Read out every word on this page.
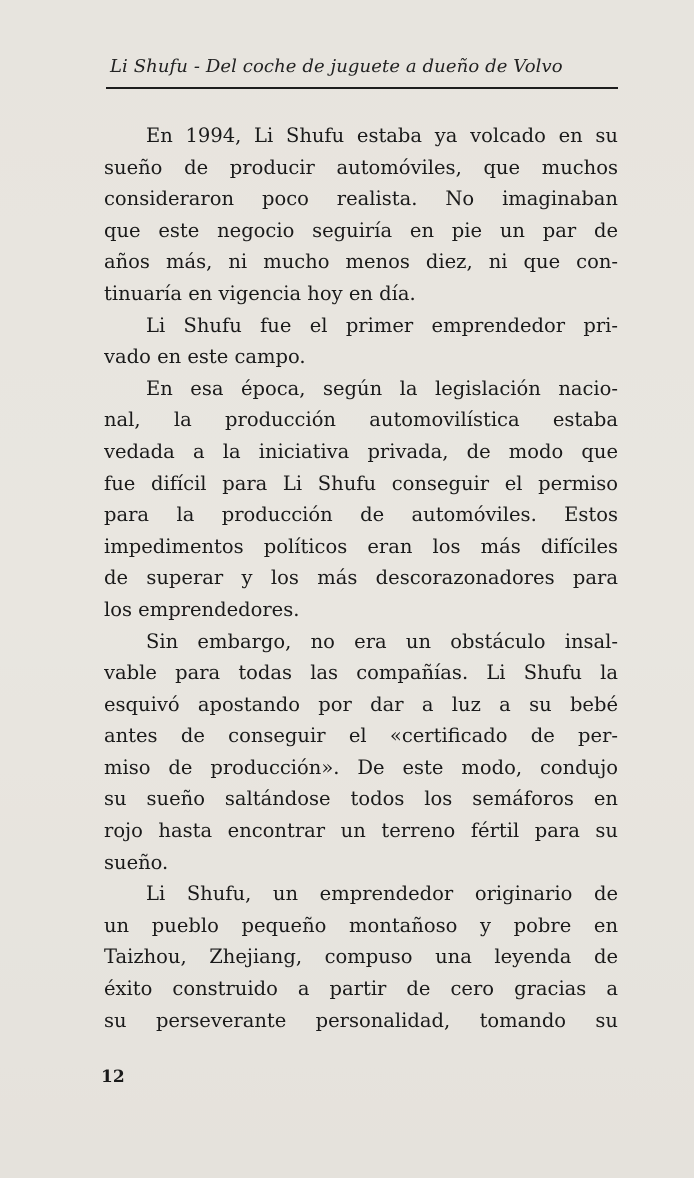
Li Shufu - Del coche de juguete a dueño de Volvo
En 1994, Li Shufu estaba ya volcado en su
sueño de producir automóviles, que muchos
consideraron poco realista. No imaginaban
que este negocio seguiría en pie un par de
años más, ni mucho menos diez, ni que con-
tinuaría en vigencia hoy en día.
Li Shufu fue el primer emprendedor pri-
vado en este campo.
En esa época, según la legislación nacio-
nal, la producción automovilística estaba
vedada a la iniciativa privada, de modo que
fue difícil para Li Shufu conseguir el permiso
para la producción de automóviles. Estos
impedimentos políticos eran los más difíciles
de superar y los más descorazonadores para
los emprendedores.
Sin embargo, no era un obstáculo insal-
vable para todas las compañías. Li Shufu la
esquivó apostando por dar a luz a su bebé
antes de conseguir el «certificado de per-
miso de producción». De este modo, condujo
su sueño saltándose todos los semáforos en
rojo hasta encontrar un terreno fértil para su
sueño.
Li Shufu, un emprendedor originario de
un pueblo pequeño montañoso y pobre en
Taizhou, Zhejiang, compuso una leyenda de
éxito construido a partir de cero gracias a
su perseverante personalidad, tomando su
12
